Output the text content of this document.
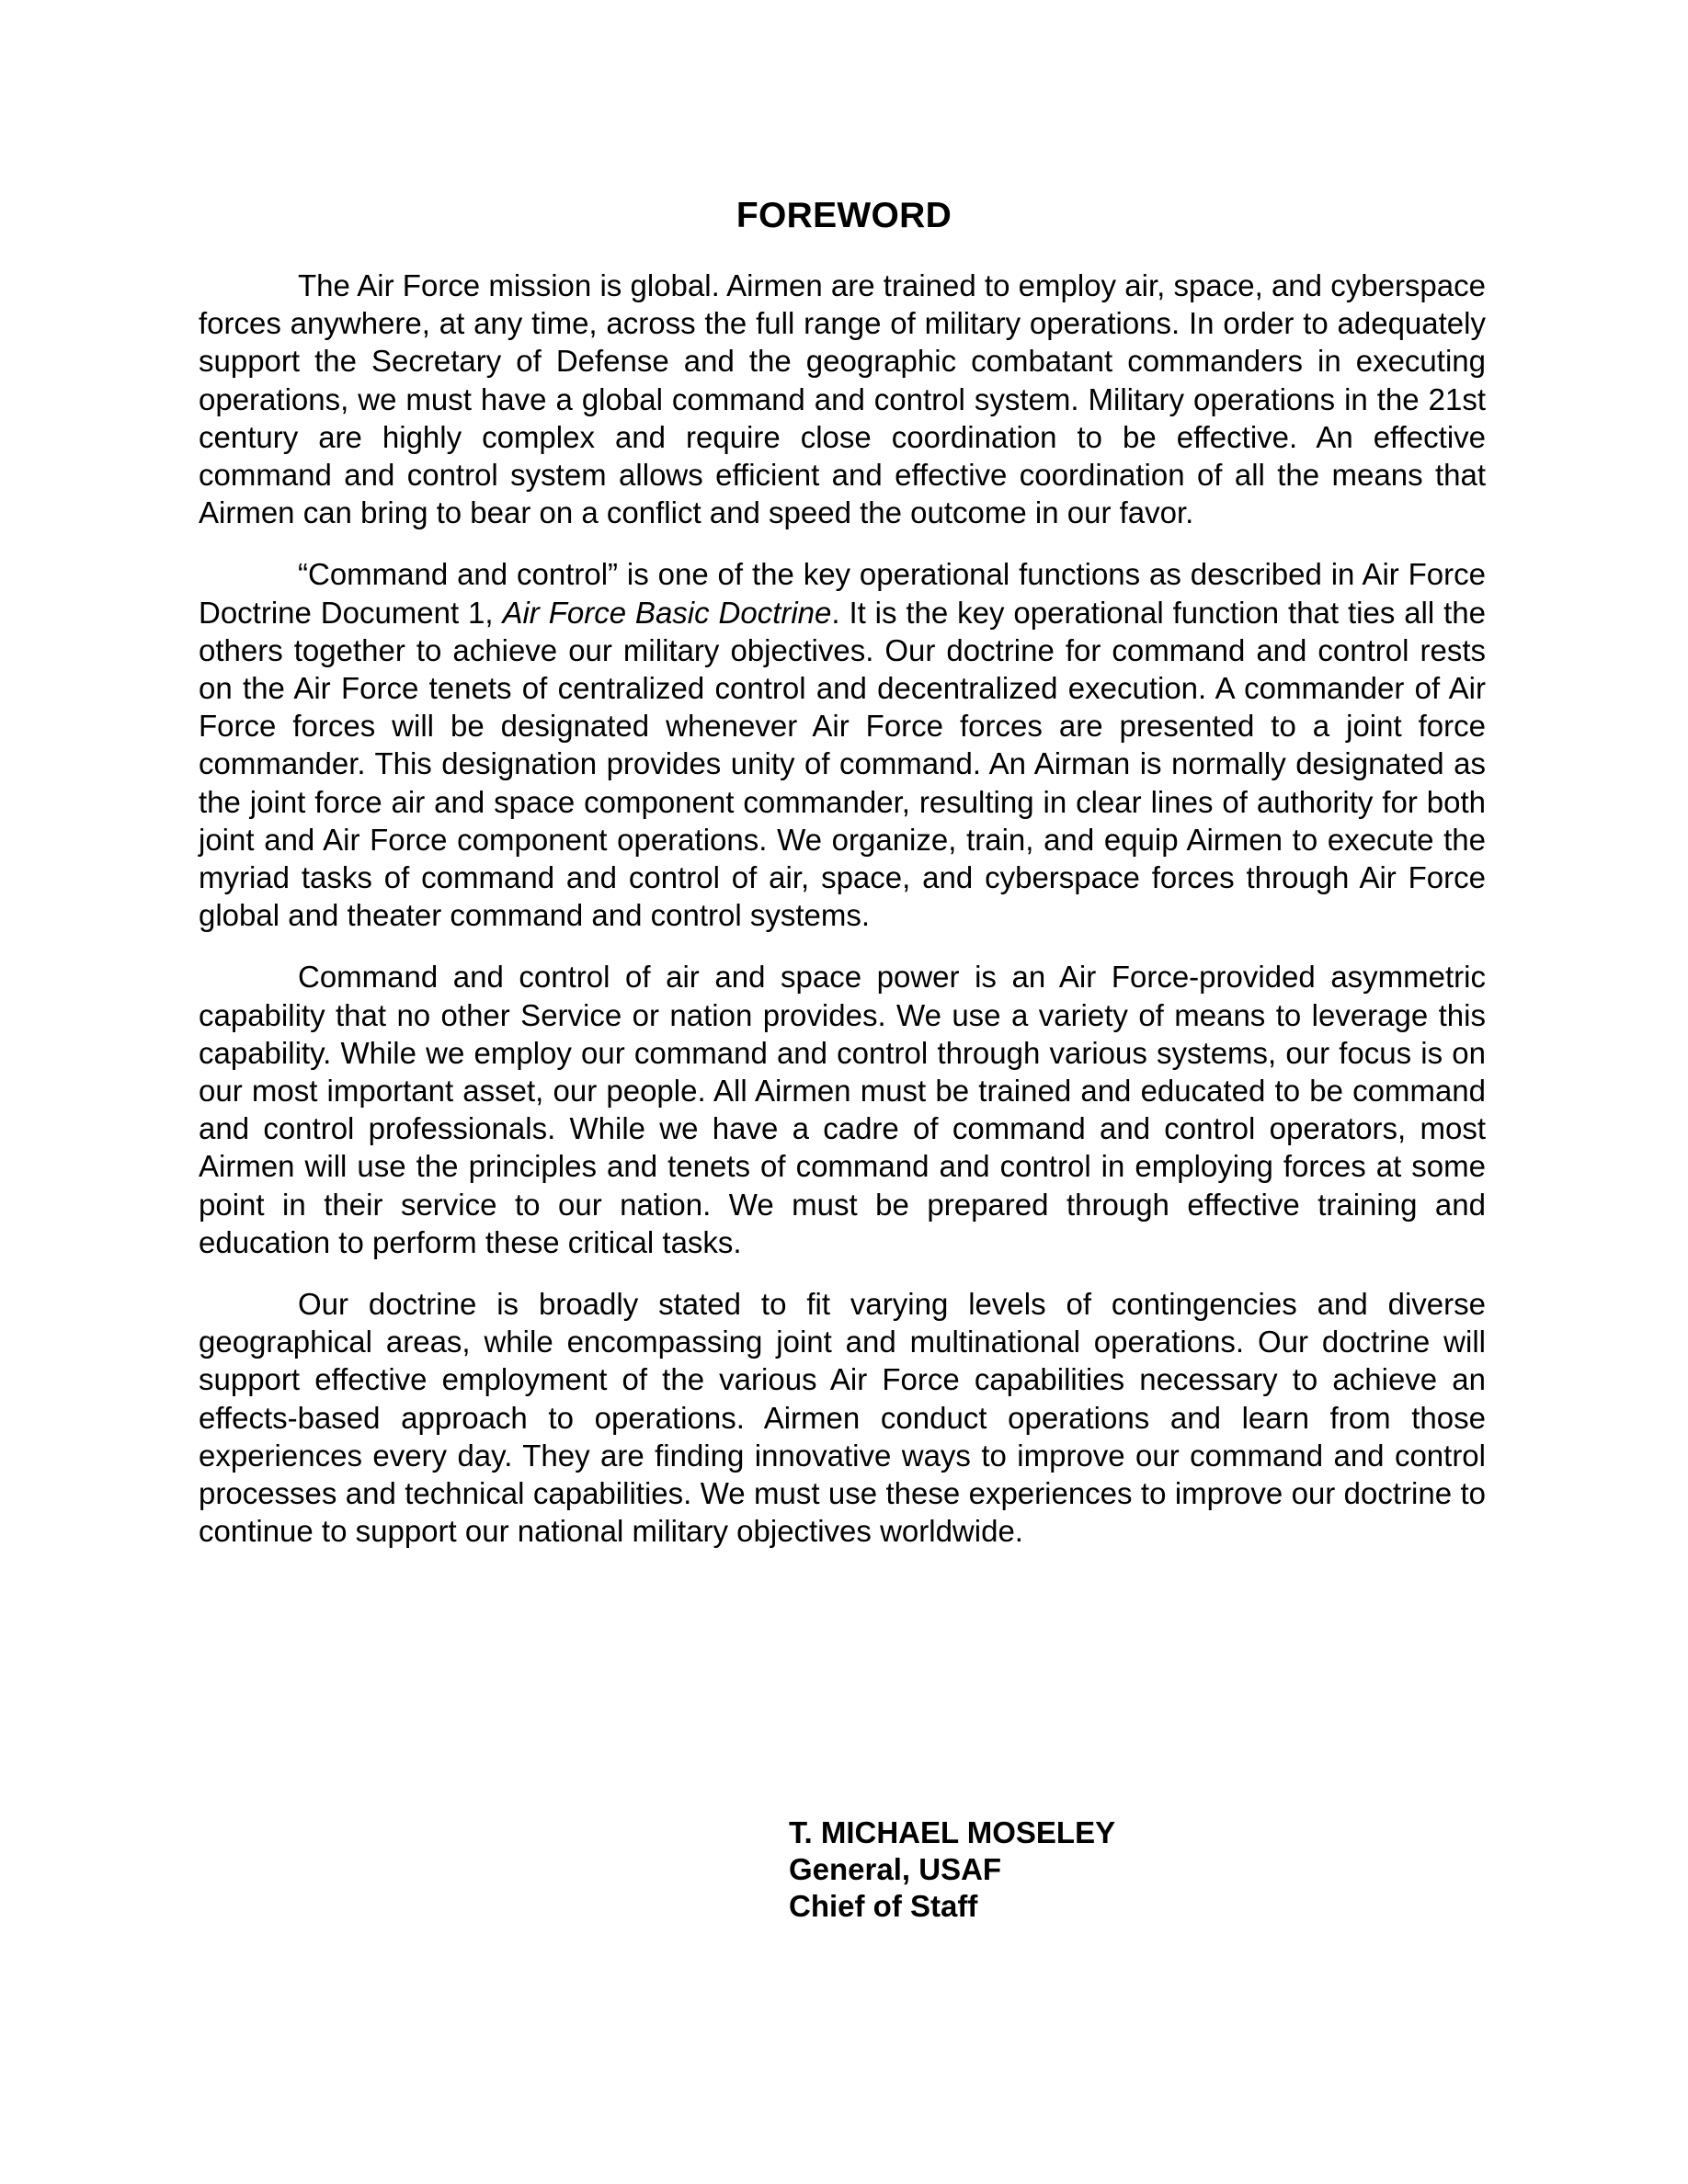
FOREWORD

The Air Force mission is global. Airmen are trained to employ air, space, and cyberspace forces anywhere, at any time, across the full range of military operations. In order to adequately support the Secretary of Defense and the geographic combatant commanders in executing operations, we must have a global command and control system. Military operations in the 21st century are highly complex and require close coordination to be effective. An effective command and control system allows efficient and effective coordination of all the means that Airmen can bring to bear on a conflict and speed the outcome in our favor.

“Command and control” is one of the key operational functions as described in Air Force Doctrine Document 1, Air Force Basic Doctrine. It is the key operational function that ties all the others together to achieve our military objectives. Our doctrine for command and control rests on the Air Force tenets of centralized control and decentralized execution. A commander of Air Force forces will be designated whenever Air Force forces are presented to a joint force commander. This designation provides unity of command. An Airman is normally designated as the joint force air and space component commander, resulting in clear lines of authority for both joint and Air Force component operations. We organize, train, and equip Airmen to execute the myriad tasks of command and control of air, space, and cyberspace forces through Air Force global and theater command and control systems.

Command and control of air and space power is an Air Force-provided asymmetric capability that no other Service or nation provides. We use a variety of means to leverage this capability. While we employ our command and control through various systems, our focus is on our most important asset, our people. All Airmen must be trained and educated to be command and control professionals. While we have a cadre of command and control operators, most Airmen will use the principles and tenets of command and control in employing forces at some point in their service to our nation. We must be prepared through effective training and education to perform these critical tasks.

Our doctrine is broadly stated to fit varying levels of contingencies and diverse geographical areas, while encompassing joint and multinational operations. Our doctrine will support effective employment of the various Air Force capabilities necessary to achieve an effects-based approach to operations. Airmen conduct operations and learn from those experiences every day. They are finding innovative ways to improve our command and control processes and technical capabilities. We must use these experiences to improve our doctrine to continue to support our national military objectives worldwide.

T. MICHAEL MOSELEY
General, USAF
Chief of Staff
